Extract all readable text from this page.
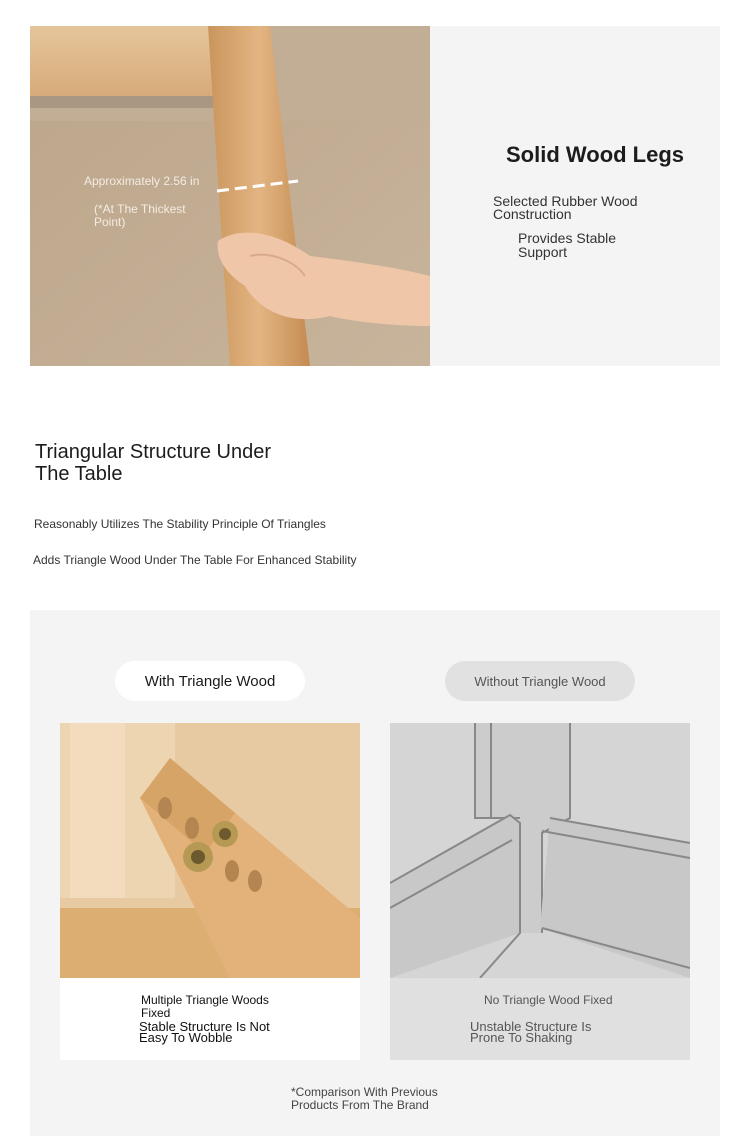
Approximately 2.56 in
(*At The Thickest Point)
Solid Wood Legs
Selected Rubber Wood Construction
Provides Stable Support
Triangular Structure Under The Table
Reasonably Utilizes The Stability Principle Of Triangles
Adds Triangle Wood Under The Table For Enhanced Stability
With Triangle Wood	Without Triangle Wood
Multiple Triangle Woods Fixed
Stable Structure Is Not Easy To Wobble
No Triangle Wood Fixed
Unstable Structure Is Prone To Shaking
*Comparison With Previous Products From The Brand
